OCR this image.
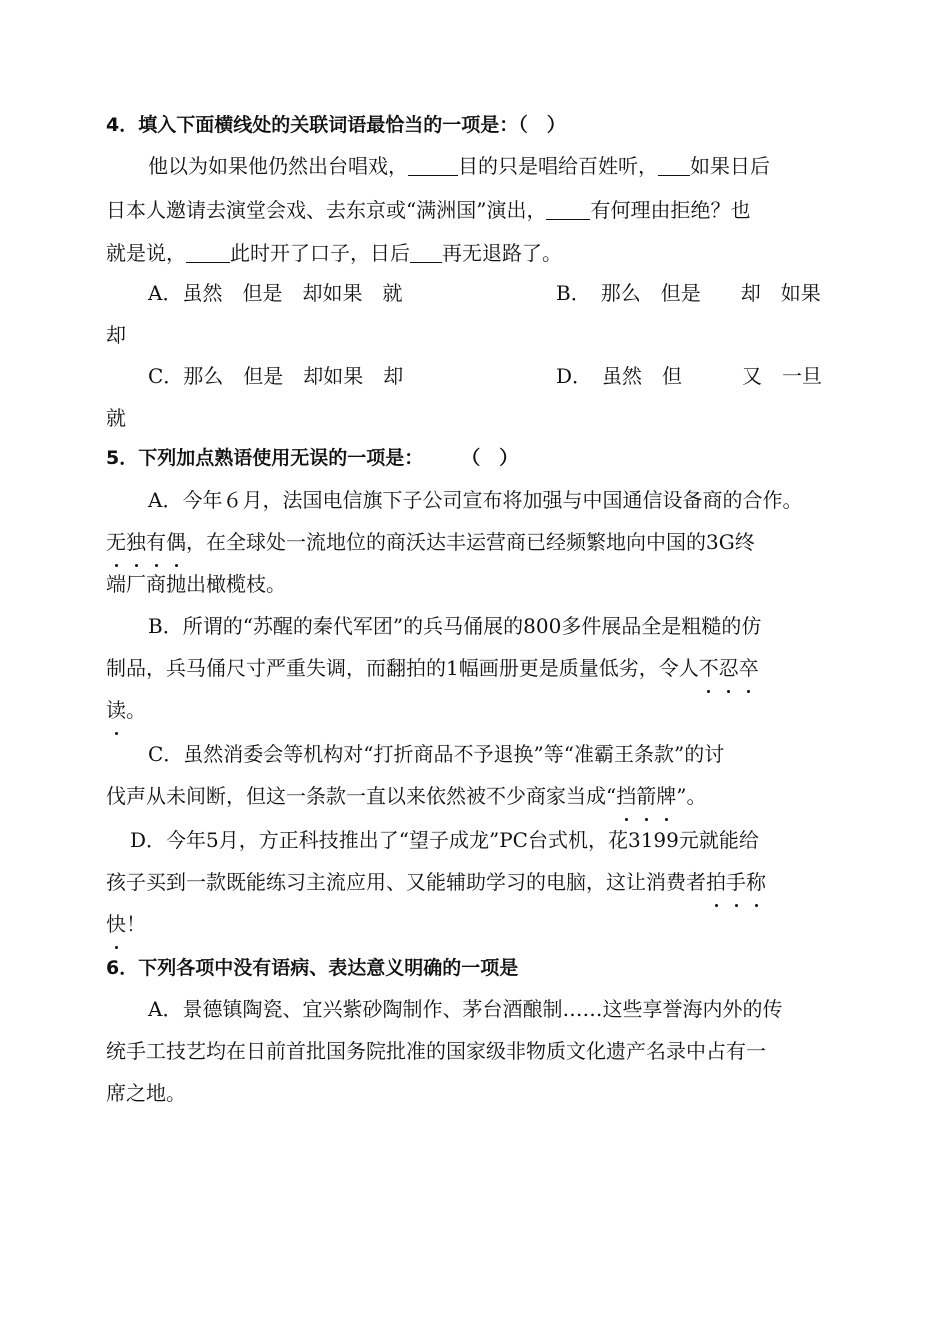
4．填入下面横线处的关联词语最恰当的一项是：（　）
他以为如果他仍然出台唱戏，	目的只是唱给百姓听， 如果日后
日本人邀请去演堂会戏、去东京或“满洲国”演出， 有何理由拒绝？也
就是说， 此时开了口子，日后 再无退路了。
A．虽然　但是　却如果　就	B．　那么　但是　　却　如果
却
C．那么　但是　却如果　却	D．　虽然　但　　　又　一旦
就
5．下列加点熟语使用无误的一项是：　　　（　）
A．今年６月，法国电信旗下子公司宣布将加强与中国通信设备商的合作。
无独有偶，在全球处一流地位的商沃达丰运营商已经频繁地向中国的3G终
端厂商抛出橄榄枝。
B．所谓的“苏醒的秦代军团”的兵马俑展的800多件展品全是粗糙的仿
制品，兵马俑尺寸严重失调，而翻拍的1幅画册更是质量低劣，令人不忍卒
读。
C．虽然消委会等机构对“打折商品不予退换”等“准霸王条款”的讨
伐声从未间断，但这一条款一直以来依然被不少商家当成“挡箭牌”。
D．今年5月，方正科技推出了“望子成龙”PC台式机，花3199元就能给
孩子买到一款既能练习主流应用、又能辅助学习的电脑，这让消费者拍手称
快！
6．下列各项中没有语病、表达意义明确的一项是
A．景德镇陶瓷、宜兴紫砂陶制作、茅台酒酿制……这些享誉海内外的传
统手工技艺均在日前首批国务院批准的国家级非物质文化遗产名录中占有一
席之地。
